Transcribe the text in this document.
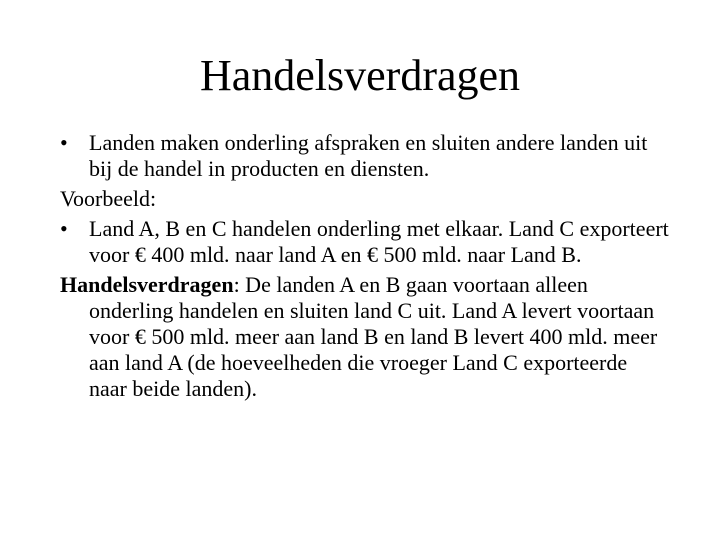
Handelsverdragen

• Landen maken onderling afspraken en sluiten andere landen uit bij de handel in producten en diensten.

Voorbeeld:

• Land A, B en C handelen onderling met elkaar. Land C exporteert voor € 400 mld. naar land A en € 500 mld. naar Land B.

Handelsverdragen: De landen A en B gaan voortaan alleen onderling handelen en sluiten land C uit. Land A levert voortaan voor € 500 mld. meer aan land B en land B levert 400 mld. meer aan land A (de hoeveelheden die vroeger Land C exporteerde naar beide landen).
